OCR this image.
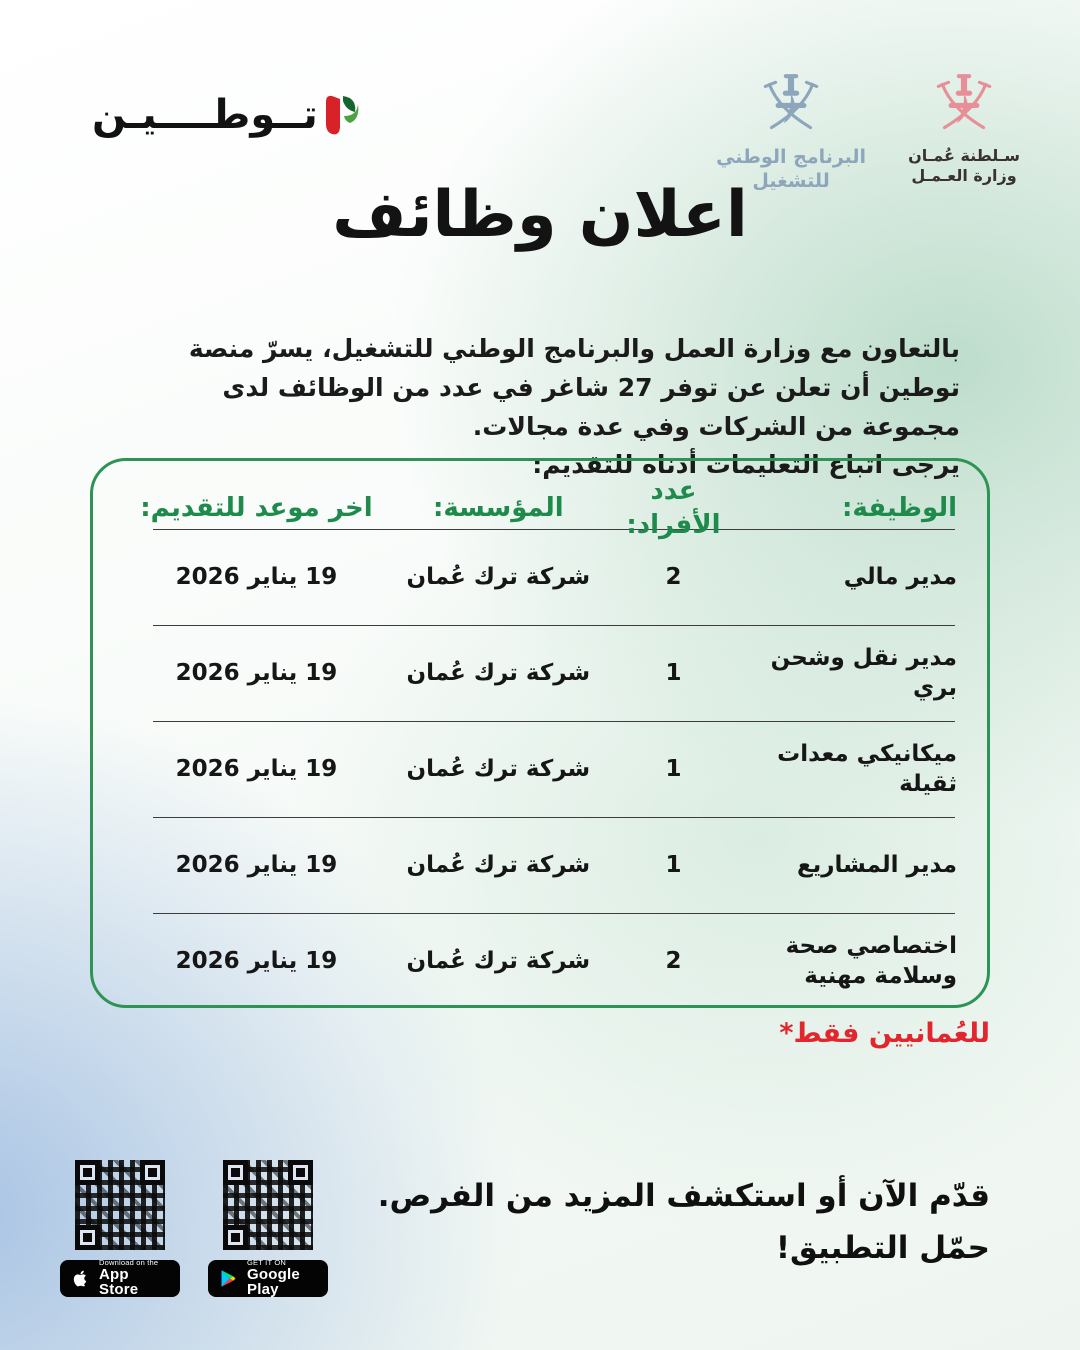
تــوطــــيـن
البرنامج الوطني
للتشغيل
سـلطنة عُمـان
وزارة العـمـل
اعلان وظائف

بالتعاون مع وزارة العمل والبرنامج الوطني للتشغيل، يسرّ منصة توطين أن تعلن عن توفر 27 شاغر في عدد من الوظائف لدى مجموعة من الشركات وفي عدة مجالات.

يرجى اتباع التعليمات أدناه للتقديم:

الوظيفة:
عدد الأفراد:
المؤسسة:
اخر موعد للتقديم:
مدير مالي
2
شركة ترك عُمان
19 يناير 2026
مدير نقل وشحن بري
1
شركة ترك عُمان
19 يناير 2026
ميكانيكي معدات ثقيلة
1
شركة ترك عُمان
19 يناير 2026
مدير المشاريع
1
شركة ترك عُمان
19 يناير 2026
اختصاصي صحة وسلامة مهنية
2
شركة ترك عُمان
19 يناير 2026
للعُمانيين فقط*

قدّم الآن أو استكشف المزيد من الفرص.

حمّل التطبيق!

Download on the
App Store
GET IT ON
Google Play
